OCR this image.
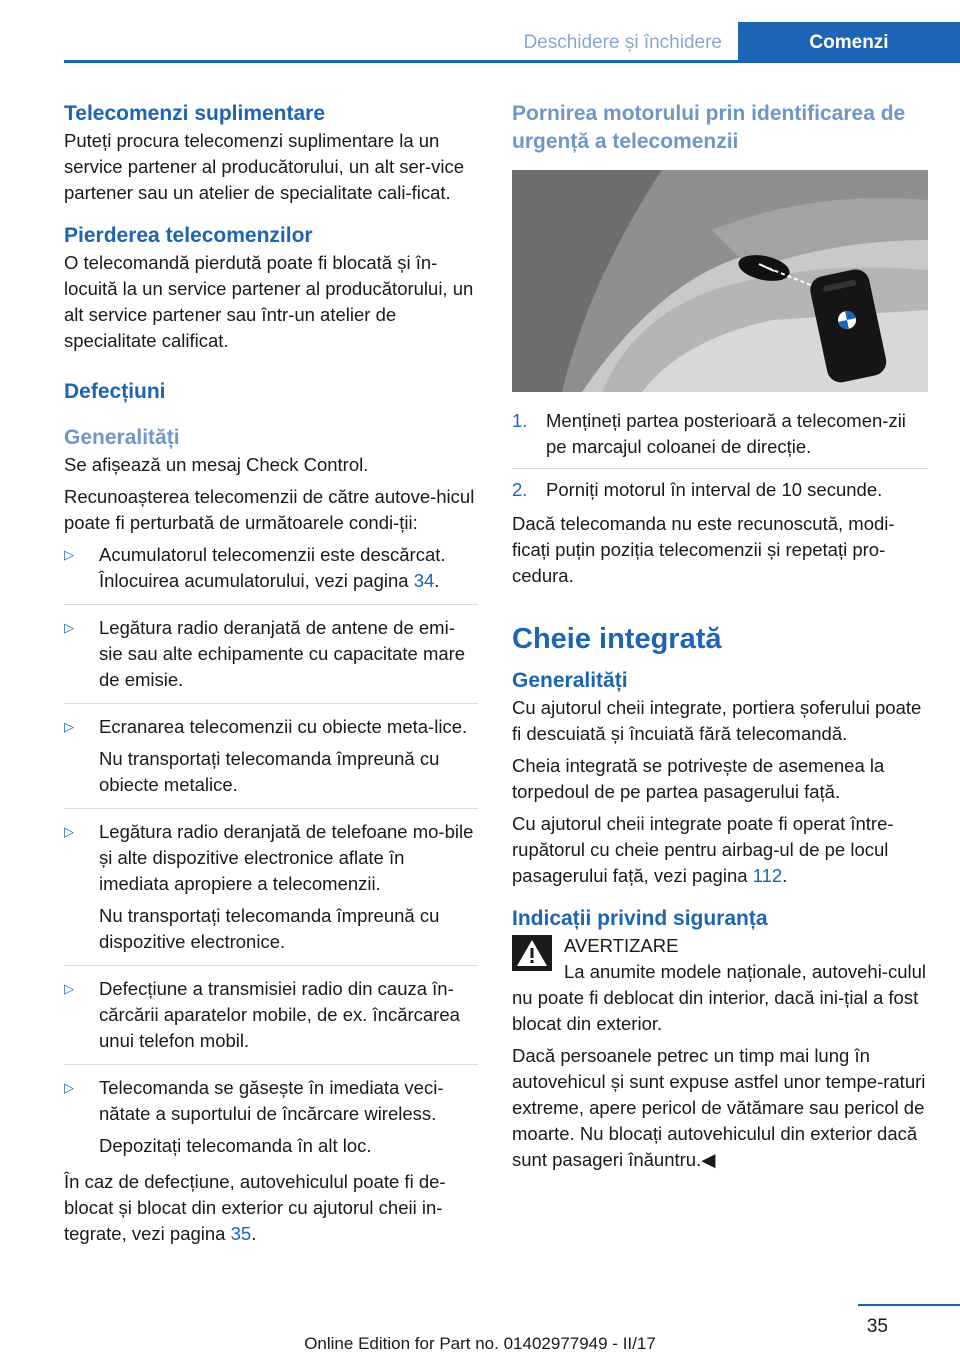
Deschidere și închidere	Comenzi
Telecomenzi suplimentare

Puteți procura telecomenzi suplimentare la un service partener al producătorului, un alt ser‐vice partener sau un atelier de specialitate cali‐ficat.

Pierderea telecomenzilor

O telecomandă pierdută poate fi blocată și în‐locuită la un service partener al producătorului, un alt service partener sau într-un atelier de specialitate calificat.

Defecțiuni
Generalități

Se afișează un mesaj Check Control.

Recunoașterea telecomenzii de către autove‐hicul poate fi perturbată de următoarele condi‐ții:

▷ Acumulatorul telecomenzii este descărcat. Înlocuirea acumulatorului, vezi pagina 34.
▷ Legătura radio deranjată de antene de emi‐sie sau alte echipamente cu capacitate mare de emisie.
▷ Ecranarea telecomenzii cu obiecte meta‐lice.
Nu transportați telecomanda împreună cu obiecte metalice.
▷ Legătura radio deranjată de telefoane mo‐bile și alte dispozitive electronice aflate în imediata apropiere a telecomenzii.
Nu transportați telecomanda împreună cu dispozitive electronice.
▷ Defecțiune a transmisiei radio din cauza în‐cărcării aparatelor mobile, de ex. încărcarea unui telefon mobil.
▷ Telecomanda se găsește în imediata veci‐nătate a suportului de încărcare wireless.
Depozitați telecomanda în alt loc.

În caz de defecțiune, autovehiculul poate fi de‐blocat și blocat din exterior cu ajutorul cheii in‐tegrate, vezi pagina 35.

Pornirea motorului prin identificarea de urgență a telecomenzii
1. Mențineți partea posterioară a telecomen‐zii pe marcajul coloanei de direcție.
2. Porniți motorul în interval de 10 secunde.

Dacă telecomanda nu este recunoscută, modi‐ficați puțin poziția telecomenzii și repetați pro‐cedura.

Cheie integrată
Generalități

Cu ajutorul cheii integrate, portiera șoferului poate fi descuiată și încuiată fără telecomandă.

Cheia integrată se potrivește de asemenea la torpedoul de pe partea pasagerului față.

Cu ajutorul cheii integrate poate fi operat între‐rupătorul cu cheie pentru airbag-ul de pe locul pasagerului față, vezi pagina 112.

Indicații privind siguranța
AVERTIZARE

La anumite modele naționale, autovehi‐culul nu poate fi deblocat din interior, dacă ini‐țial a fost blocat din exterior.

Dacă persoanele petrec un timp mai lung în autovehicul și sunt expuse astfel unor tempe‐raturi extreme, apere pericol de vătămare sau pericol de moarte. Nu blocați autovehiculul din exterior dacă sunt pasageri înăuntru.◀

35
Online Edition for Part no. 01402977949 - II/17
